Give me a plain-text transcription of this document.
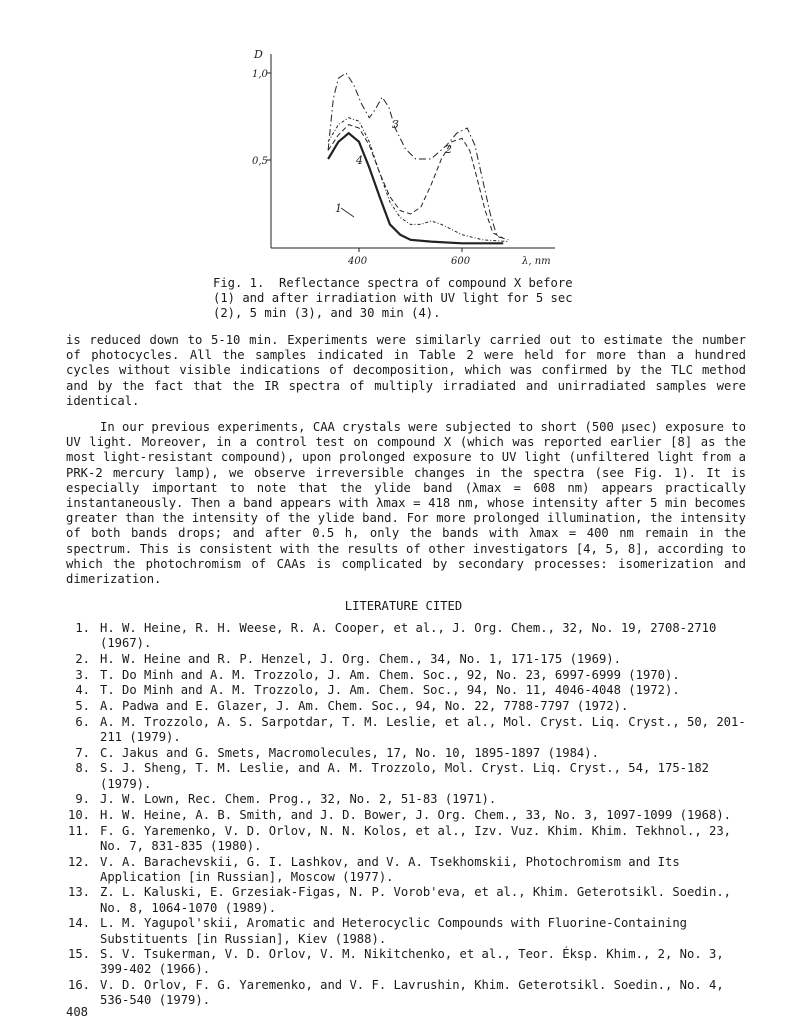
D
1,0
0,5
400	600	λ, nm
1
2
3
4
Fig. 1.  Reflectance spectra of compound X before
(1) and after irradiation with UV light for 5 sec
(2), 5 min (3), and 30 min (4).
is reduced down to 5-10 min. Experiments were similarly carried out to estimate the number of photocycles. All the samples indicated in Table 2 were held for more than a hundred cycles without visible indications of decomposition, which was confirmed by the TLC method and by the fact that the IR spectra of multiply irradiated and unirradiated samples were identical.
In our previous experiments, CAA crystals were subjected to short (500 μsec) exposure to UV light. Moreover, in a control test on compound X (which was reported earlier [8] as the most light-resistant compound), upon prolonged exposure to UV light (unfiltered light from a PRK-2 mercury lamp), we observe irreversible changes in the spectra (see Fig. 1). It is especially important to note that the ylide band (λmax = 608 nm) appears practically instantaneously. Then a band appears with λmax = 418 nm, whose intensity after 5 min becomes greater than the intensity of the ylide band. For more prolonged illumination, the intensity of both bands drops; and after 0.5 h, only the bands with λmax = 400 nm remain in the spectrum. This is consistent with the results of other investigators [4, 5, 8], according to which the photochromism of CAAs is complicated by secondary processes: isomerization and dimerization.
LITERATURE CITED
1. H. W. Heine, R. H. Weese, R. A. Cooper, et al., J. Org. Chem., 32, No. 19, 2708-2710 (1967).
2. H. W. Heine and R. P. Henzel, J. Org. Chem., 34, No. 1, 171-175 (1969).
3. T. Do Minh and A. M. Trozzolo, J. Am. Chem. Soc., 92, No. 23, 6997-6999 (1970).
4. T. Do Minh and A. M. Trozzolo, J. Am. Chem. Soc., 94, No. 11, 4046-4048 (1972).
5. A. Padwa and E. Glazer, J. Am. Chem. Soc., 94, No. 22, 7788-7797 (1972).
6. A. M. Trozzolo, A. S. Sarpotdar, T. M. Leslie, et al., Mol. Cryst. Liq. Cryst., 50, 201-211 (1979).
7. C. Jakus and G. Smets, Macromolecules, 17, No. 10, 1895-1897 (1984).
8. S. J. Sheng, T. M. Leslie, and A. M. Trozzolo, Mol. Cryst. Liq. Cryst., 54, 175-182 (1979).
9. J. W. Lown, Rec. Chem. Prog., 32, No. 2, 51-83 (1971).
10. H. W. Heine, A. B. Smith, and J. D. Bower, J. Org. Chem., 33, No. 3, 1097-1099 (1968).
11. F. G. Yaremenko, V. D. Orlov, N. N. Kolos, et al., Izv. Vuz. Khim. Khim. Tekhnol., 23, No. 7, 831-835 (1980).
12. V. A. Barachevskii, G. I. Lashkov, and V. A. Tsekhomskii, Photochromism and Its Application [in Russian], Moscow (1977).
13. Z. L. Kaluski, E. Grzesiak-Figas, N. P. Vorob'eva, et al., Khim. Geterotsikl. Soedin., No. 8, 1064-1070 (1989).
14. L. M. Yagupol'skii, Aromatic and Heterocyclic Compounds with Fluorine-Containing Substituents [in Russian], Kiev (1988).
15. S. V. Tsukerman, V. D. Orlov, V. M. Nikitchenko, et al., Teor. Éksp. Khim., 2, No. 3, 399-402 (1966).
16. V. D. Orlov, F. G. Yaremenko, and V. F. Lavrushin, Khim. Geterotsikl. Soedin., No. 4, 536-540 (1979).
408
